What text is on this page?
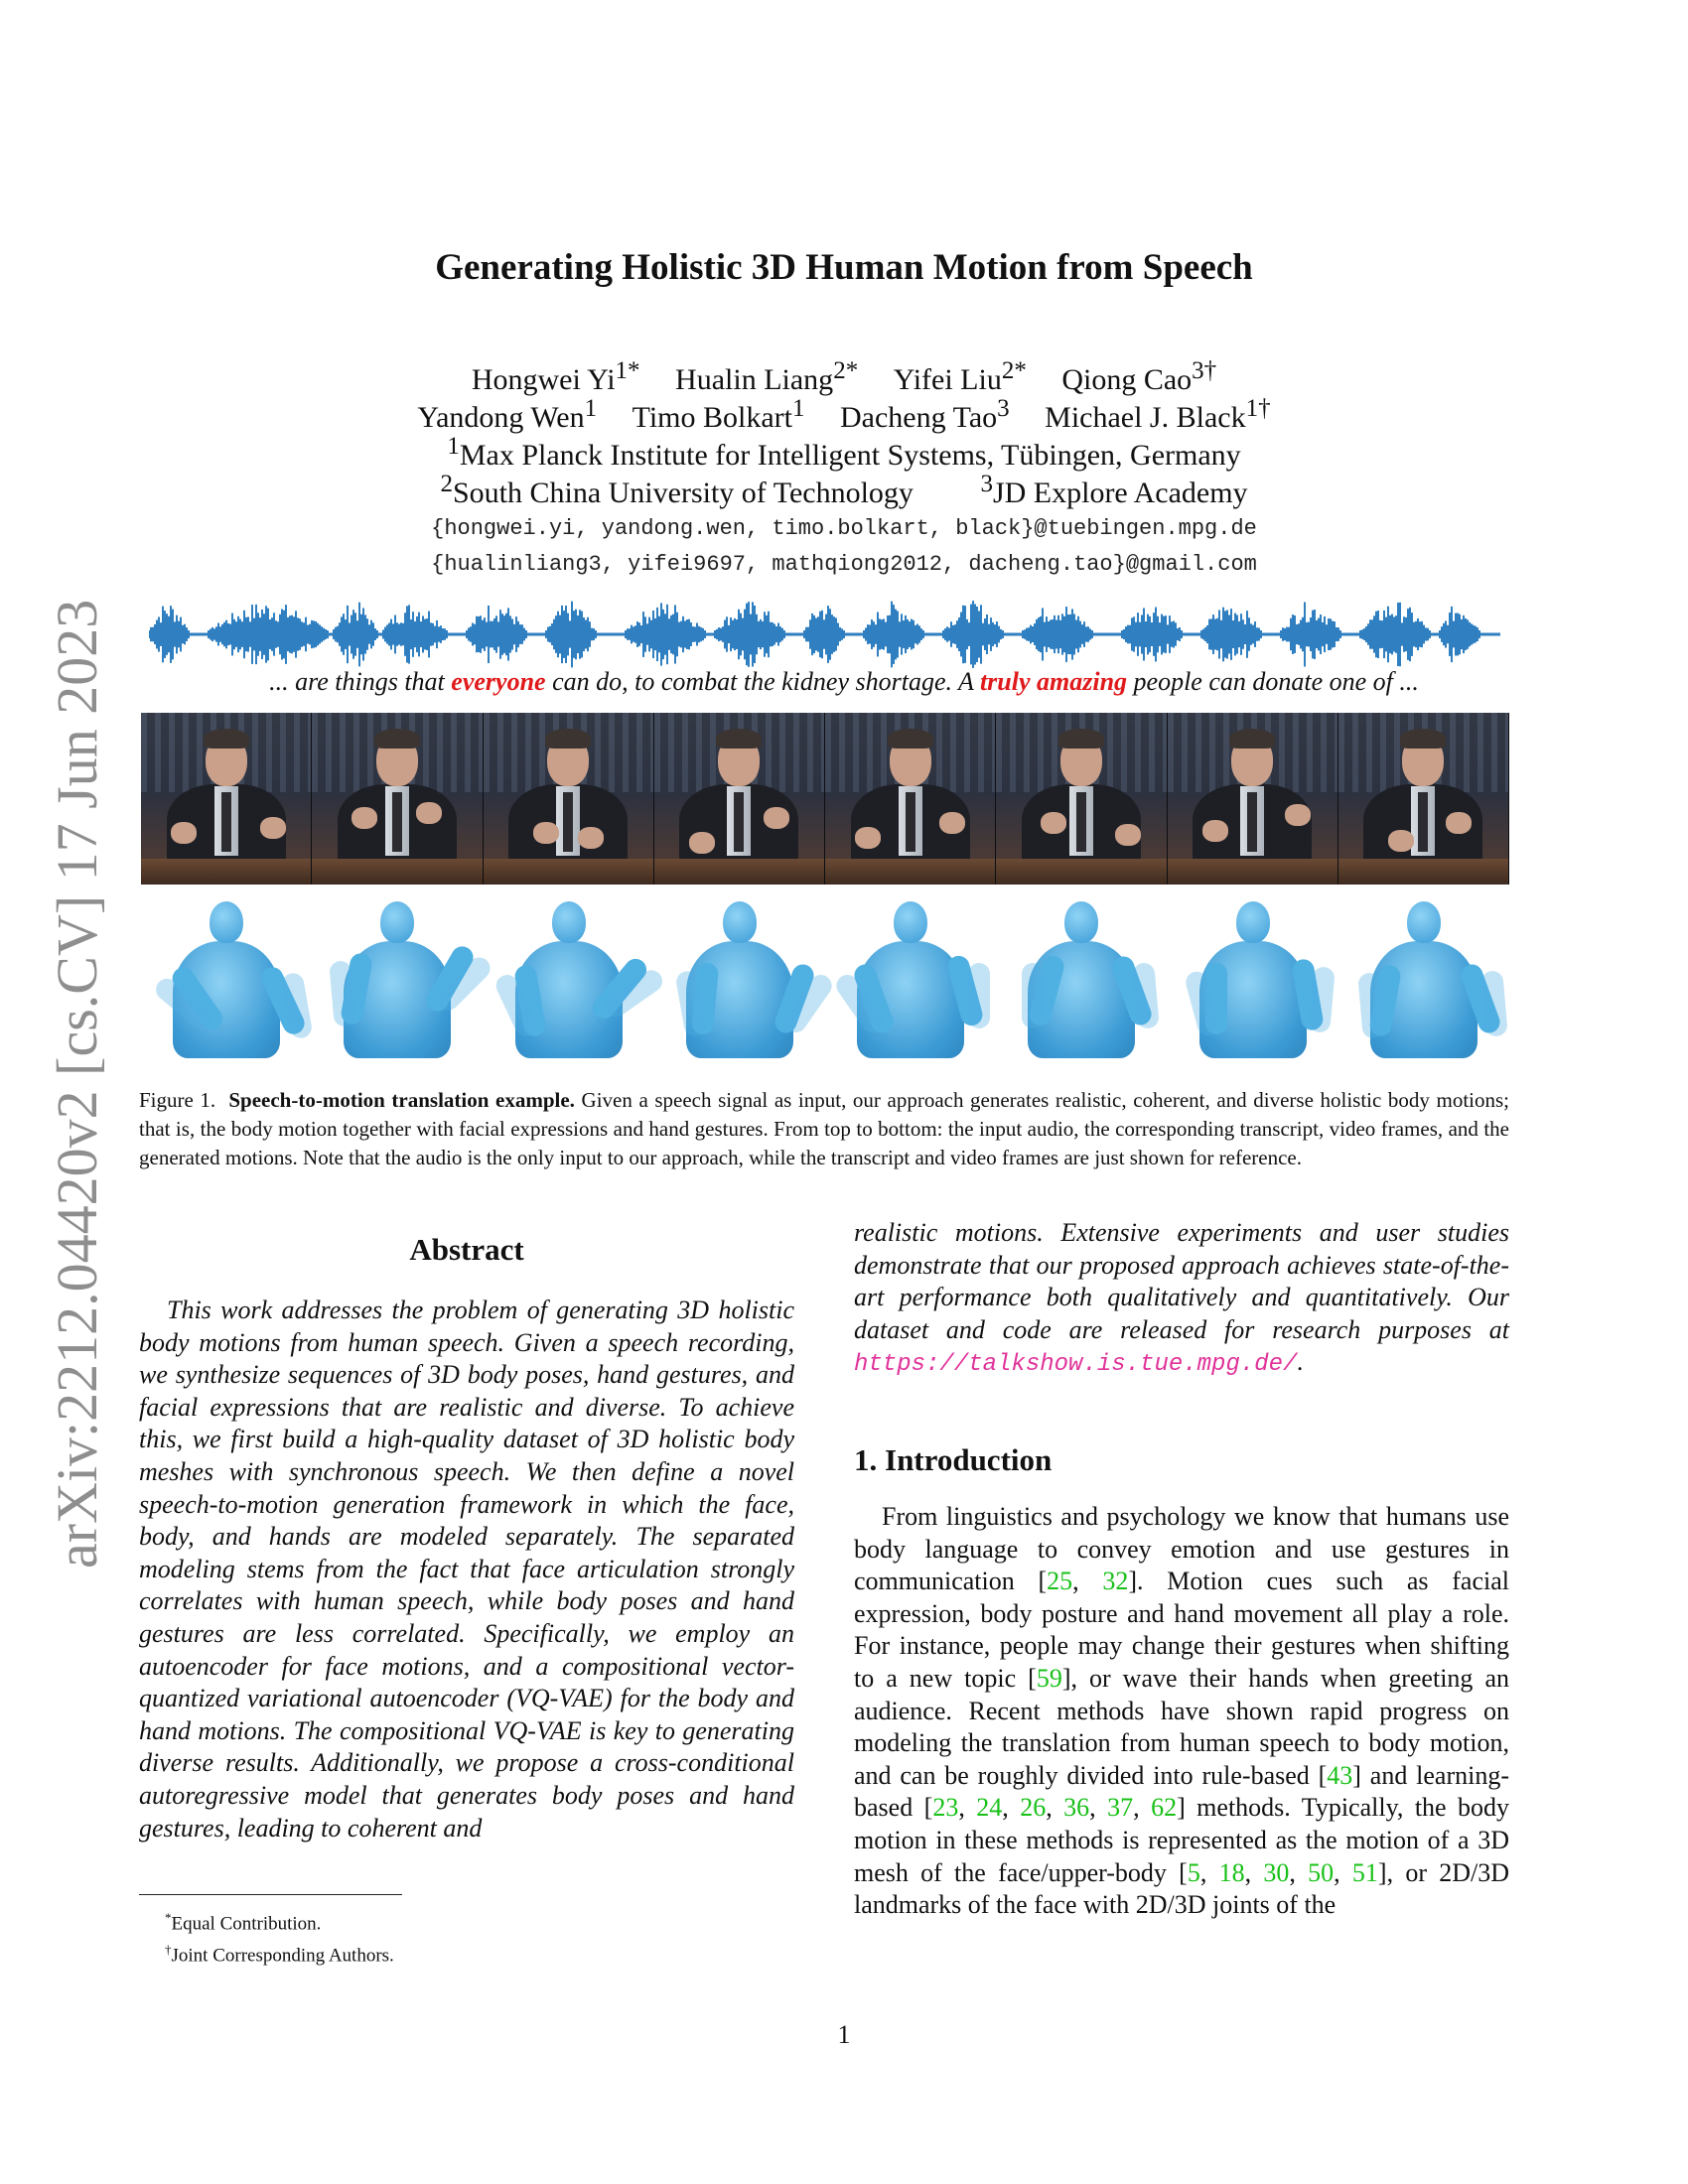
arXiv:2212.04420v2 [cs.CV] 17 Jun 2023
Generating Holistic 3D Human Motion from Speech
Hongwei $Yi^{1*}$ Hualin Liang$^{2*}$ Yifei Liu$^{2*}$ Qiong Cao$^{3\dagger}$
Yandong Wen$^1$ Timo Bolkart$^1$ Dacheng Tao$^3$ Michael J. Black$^{1\dagger}$
$^1$Max Planck Institute for Intelligent Systems, Tübingen, Germany
$^2$South China University of Technology	$^3$JD Explore Academy
{hongwei.yi, yandong.wen, timo.bolkart, black}@tuebingen.mpg.de
{hualinliang3, yifei9697, mathqiong2012, dacheng.tao}@gmail.com
... are things that everyone can do, to combat the kidney shortage. A truly amazing people can donate one of ...
Figure 1. Speech-to-motion translation example. Given a speech signal as input, our approach generates realistic, coherent, and diverse holistic body motions; that is, the body motion together with facial expressions and hand gestures. From top to bottom: the input audio, the corresponding transcript, video frames, and the generated motions. Note that the audio is the only input to our approach, while the transcript and video frames are just shown for reference.
Abstract

This work addresses the problem of generating 3D holistic body motions from human speech. Given a speech recording, we synthesize sequences of 3D body poses, hand gestures, and facial expressions that are realistic and diverse. To achieve this, we first build a high-quality dataset of 3D holistic body meshes with synchronous speech. We then define a novel speech-to-motion generation framework in which the face, body, and hands are modeled separately. The separated modeling stems from the fact that face articulation strongly correlates with human speech, while body poses and hand gestures are less correlated. Specifically, we employ an autoencoder for face motions, and a compositional vector-quantized variational autoencoder (VQ-VAE) for the body and hand motions. The compositional VQ-VAE is key to generating diverse results. Additionally, we propose a cross-conditional autoregressive model that generates body poses and hand gestures, leading to coherent and

realistic motions. Extensive experiments and user studies demonstrate that our proposed approach achieves state-of-the-art performance both qualitatively and quantitatively. Our dataset and code are released for research purposes at https://talkshow.is.tue.mpg.de/.

1. Introduction

From linguistics and psychology we know that humans use body language to convey emotion and use gestures in communication [25, 32]. Motion cues such as facial expression, body posture and hand movement all play a role. For instance, people may change their gestures when shifting to a new topic [59], or wave their hands when greeting an audience. Recent methods have shown rapid progress on modeling the translation from human speech to body motion, and can be roughly divided into rule-based [43] and learning-based [23, 24, 26, 36, 37, 62] methods. Typically, the body motion in these methods is represented as the motion of a 3D mesh of the face/upper-body [5, 18, 30, 50, 51], or 2D/3D landmarks of the face with 2D/3D joints of the

*Equal Contribution.
†Joint Corresponding Authors.
1
